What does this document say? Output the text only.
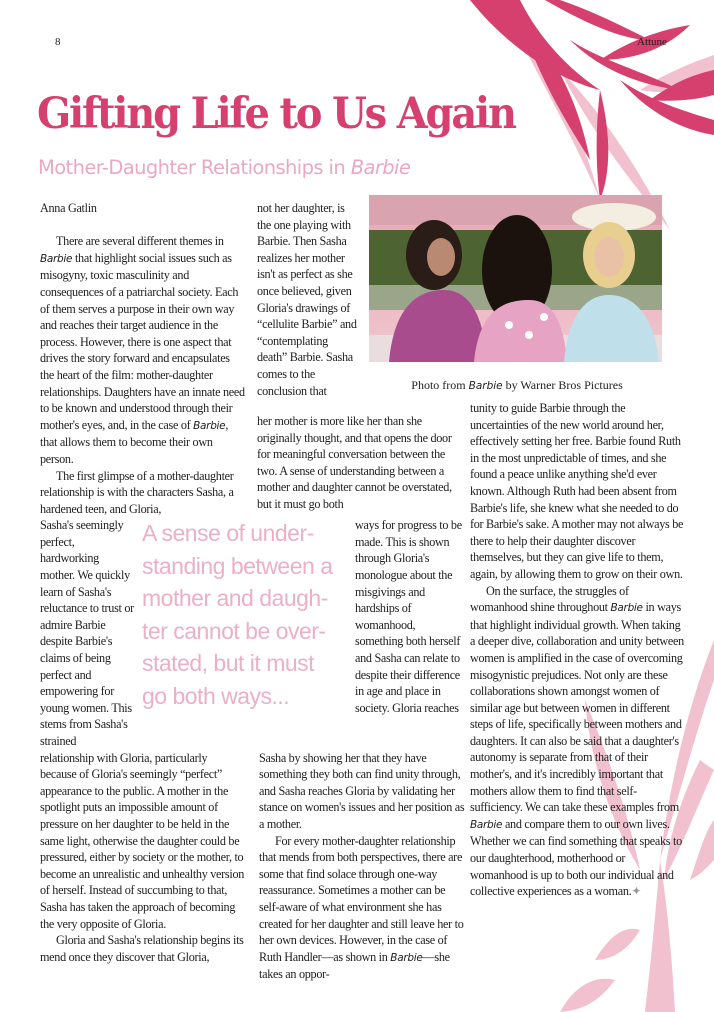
8	Attune
Gifting Life to Us Again
Mother-Daughter Relationships in Barbie

Anna Gatlin

There are several different themes in Barbie that highlight social issues such as misogyny, toxic masculinity and consequences of a patriarchal society. Each of them serves a purpose in their own way and reaches their target audience in the process. However, there is one aspect that drives the story forward and encapsulates the heart of the film: mother-daughter relationships. Daughters have an innate need to be known and understood through their mother's eyes, and, in the case of Barbie, that allows them to become their own person.

The first glimpse of a mother-daughter relationship is with the characters Sasha, a hardened teen, and Gloria,

not her daughter, is the one playing with Barbie. Then Sasha realizes her mother isn't as perfect as she once believed, given Gloria's drawings of “cellulite Barbie” and “contemplating death” Barbie. Sasha comes to the conclusion that
her mother is more like her than she originally thought, and that opens the door for meaningful conversation between the two. A sense of understanding between a mother and daughter cannot be overstated, but it must go both
Sasha's seemingly perfect, hardworking mother. We quickly learn of Sasha's reluctance to trust or admire Barbie despite Barbie's claims of being perfect and empowering for young women. This stems from Sasha's strained
A sense of under-
standing between a
mother and daugh-
ter cannot be over-
stated, but it must
go both ways...
ways for progress to be made. This is shown through Gloria's monologue about the misgivings and hardships of womanhood, something both herself and Sasha can relate to despite their difference in age and place in society. Gloria reaches

relationship with Gloria, particularly because of Gloria's seemingly “perfect” appearance to the public. A mother in the spotlight puts an impossible amount of pressure on her daughter to be held in the same light, otherwise the daughter could be pressured, either by society or the mother, to become an unrealistic and unhealthy version of herself. Instead of succumbing to that, Sasha has taken the approach of becoming the very opposite of Gloria.

Gloria and Sasha's relationship begins its mend once they discover that Gloria,

Sasha by showing her that they have something they both can find unity through, and Sasha reaches Gloria by validating her stance on women's issues and her position as a mother.

For every mother-daughter relationship that mends from both perspectives, there are some that find solace through one-way reassurance. Sometimes a mother can be self-aware of what environment she has created for her daughter and still leave her to her own devices. However, in the case of Ruth Handler—as shown in Barbie—she takes an oppor-

Photo from Barbie by Warner Bros Pictures

tunity to guide Barbie through the uncertainties of the new world around her, effectively setting her free. Barbie found Ruth in the most unpredictable of times, and she found a peace unlike anything she'd ever known. Although Ruth had been absent from Barbie's life, she knew what she needed to do for Barbie's sake. A mother may not always be there to help their daughter discover themselves, but they can give life to them, again, by allowing them to grow on their own.

On the surface, the struggles of womanhood shine throughout Barbie in ways that highlight individual growth. When taking a deeper dive, collaboration and unity between women is amplified in the case of overcoming misogynistic prejudices. Not only are these collaborations shown amongst women of similar age but between women in different steps of life, specifically between mothers and daughters. It can also be said that a daughter's autonomy is separate from that of their mother's, and it's incredibly important that mothers allow them to find that self-sufficiency. We can take these examples from Barbie and compare them to our own lives. Whether we can find something that speaks to our daughterhood, motherhood or womanhood is up to both our individual and collective experiences as a woman.✦
